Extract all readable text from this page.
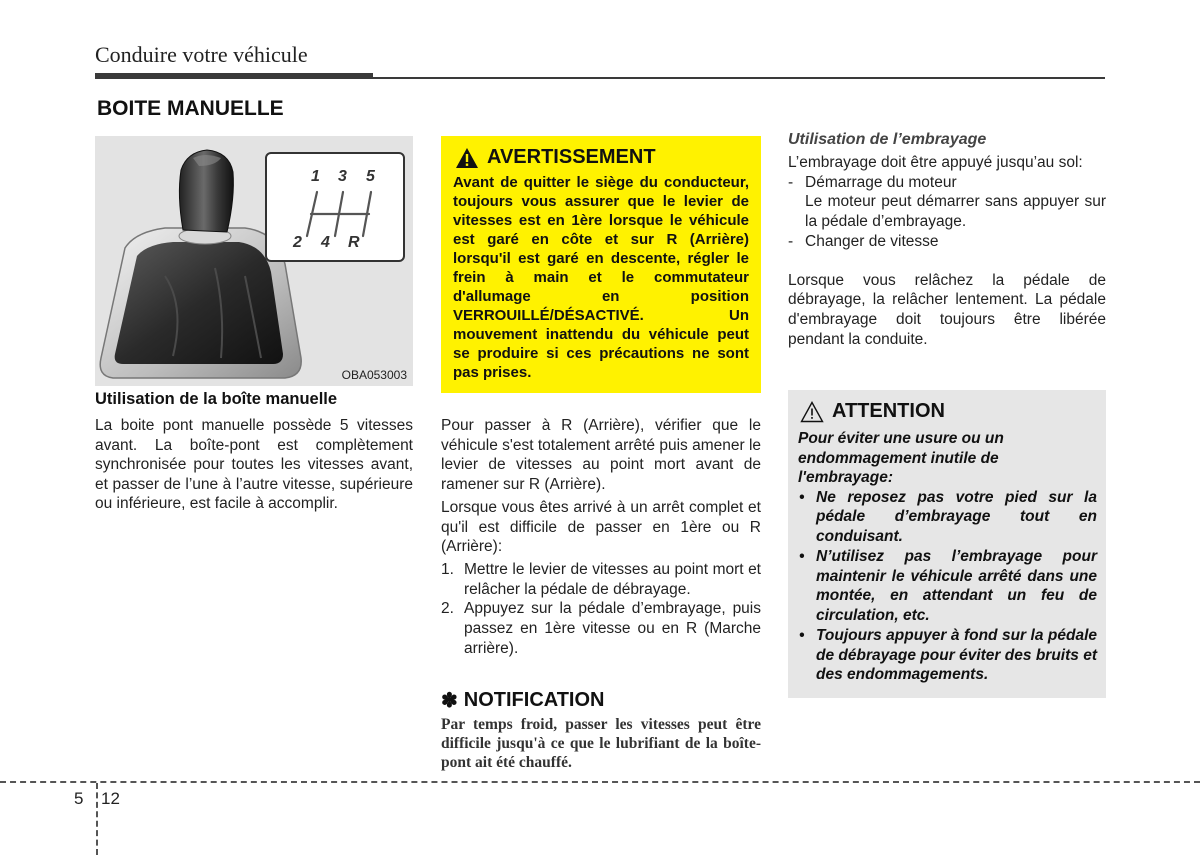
Conduire votre véhicule
BOITE MANUELLE
1 3 5
2 4 R
OBA053003
Utilisation de la boîte manuelle
La boite pont manuelle possède 5 vitesses avant. La boîte-pont est complètement synchronisée pour toutes les vitesses avant, et passer de l’une à l’autre vitesse, supérieure ou inférieure, est facile à accomplir.
AVERTISSEMENT
Avant de quitter le siège du conducteur, toujours vous assurer que le levier de vitesses est en 1ère lorsque le véhicule est garé en côte et sur R (Arrière) lorsqu'il est garé en descente, régler le frein à main et le commutateur d'allumage en position VERROUILLÉ/DÉSACTIVÉ. Un mouvement inattendu du véhicule peut se produire si ces précautions ne sont pas prises.

Pour passer à R (Arrière), vérifier que le véhicule s'est totalement arrêté puis amener le levier de vitesses au point mort avant de ramener sur R (Arrière).

Lorsque vous êtes arrivé à un arrêt complet et qu'il est difficile de passer en 1ère ou R (Arrière):

1. Mettre le levier de vitesses au point mort et relâcher la pédale de débrayage.
2. Appuyez sur la pédale d’embrayage, puis passez en 1ère vitesse ou en R (Marche arrière).
✽ NOTIFICATION
Par temps froid, passer les vitesses peut être difficile jusqu'à ce que le lubrifiant de la boîte-pont ait été chauffé.
Utilisation de l’embrayage
L’embrayage doit être appuyé jusqu’au sol:
- Démarrage du moteur
Le moteur peut démarrer sans appuyer sur la pédale d’embrayage.
- Changer de vitesse
Lorsque vous relâchez la pédale de débrayage, la relâcher lentement. La pédale d'embrayage doit toujours être libérée pendant la conduite.
ATTENTION
Pour éviter une usure ou un endommagement inutile de l'embrayage:
• Ne reposez pas votre pied sur la pédale d’embrayage tout en conduisant.
• N’utilisez pas l’embrayage pour maintenir le véhicule arrêté dans une montée, en attendant un feu de circulation, etc.
• Toujours appuyer à fond sur la pédale de débrayage pour éviter des bruits et des endommagements.
5 12
